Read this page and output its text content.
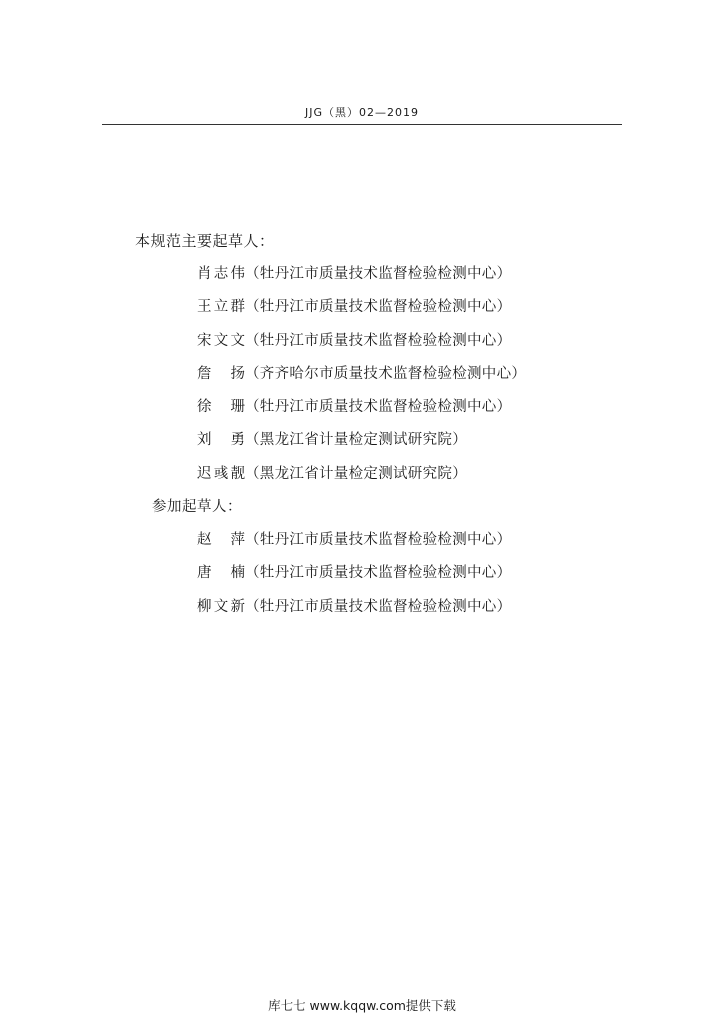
JJG（黑）02—2019
本规范主要起草人：
肖志伟 （牡丹江市质量技术监督检验检测中心）
王立群 （牡丹江市质量技术监督检验检测中心）
宋文文 （牡丹江市质量技术监督检验检测中心）
詹扬 （齐齐哈尔市质量技术监督检验检测中心）
徐珊 （牡丹江市质量技术监督检验检测中心）
刘勇 （黑龙江省计量检定测试研究院）
迟彧靓 （黑龙江省计量检定测试研究院）
参加起草人：
赵萍 （牡丹江市质量技术监督检验检测中心）
唐楠 （牡丹江市质量技术监督检验检测中心）
柳文新 （牡丹江市质量技术监督检验检测中心）
库七七 www.kqqw.com提供下载
